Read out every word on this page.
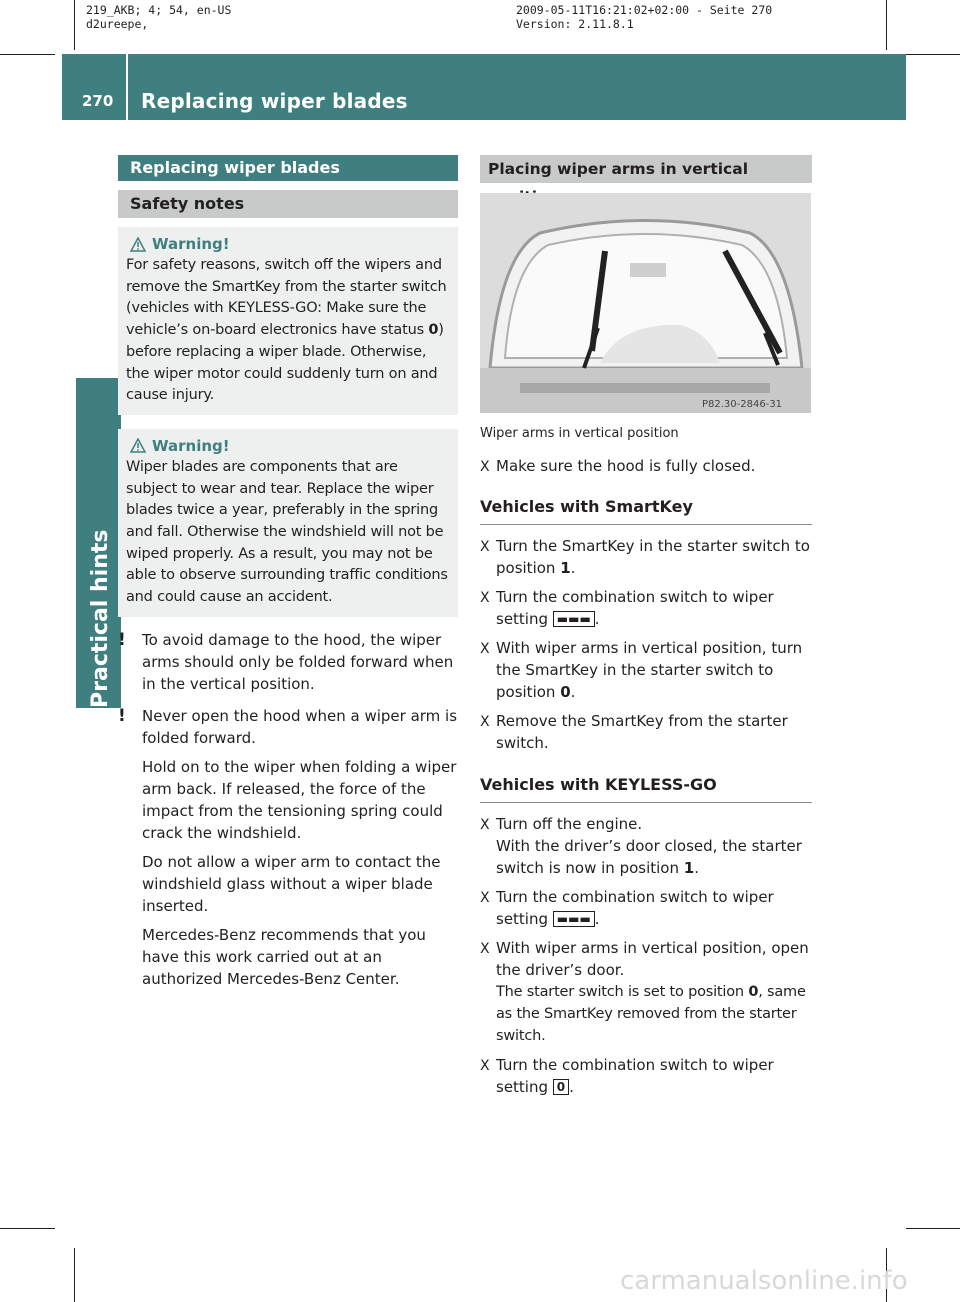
219_AKB; 4; 54, en-US
d2ureepe,
2009-05-11T16:21:02+02:00 - Seite 270
Version: 2.11.8.1
270 Replacing wiper blades
Practical hints
Replacing wiper blades
Safety notes
Warning!
For safety reasons, switch off the wipers and remove the SmartKey from the starter switch (vehicles with KEYLESS-GO: Make sure the vehicle’s on-board electronics have status 0) before replacing a wiper blade. Otherwise, the wiper motor could suddenly turn on and cause injury.
Warning!
Wiper blades are components that are subject to wear and tear. Replace the wiper blades twice a year, preferably in the spring and fall. Otherwise the windshield will not be wiped properly. As a result, you may not be able to observe surrounding traffic conditions and could cause an accident.
!	To avoid damage to the hood, the wiper arms should only be folded forward when in the vertical position.
!	Never open the hood when a wiper arm is folded forward.

Hold on to the wiper when folding a wiper arm back. If released, the force of the impact from the tensioning spring could crack the windshield.

Do not allow a wiper arm to contact the windshield glass without a wiper blade inserted.

Mercedes-Benz recommends that you have this work carried out at an authorized Mercedes-Benz Center.

Placing wiper arms in vertical
P82.30-2846-31
Wiper arms in vertical position
X Make sure the hood is fully closed.
Vehicles with SmartKey
X Turn the SmartKey in the starter switch to position 1.
X Turn the combination switch to wiper setting ▬▬▬ .
X With wiper arms in vertical position, turn the SmartKey in the starter switch to position 0.
X Remove the SmartKey from the starter switch.
Vehicles with KEYLESS-GO
X Turn off the engine.
With the driver’s door closed, the starter switch is now in position 1.
X Turn the combination switch to wiper setting ▬▬▬ .
X With wiper arms in vertical position, open the driver’s door.
The starter switch is set to position 0, same as the SmartKey removed from the starter switch.
X Turn the combination switch to wiper setting 0 .
carmanualsonline.info
